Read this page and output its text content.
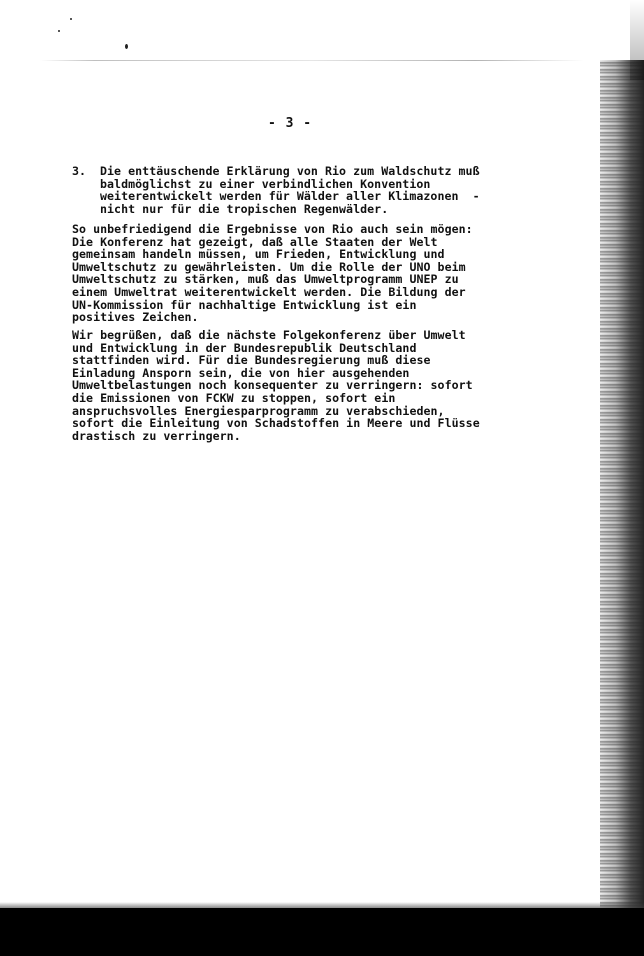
- 3 -
3. Die enttäuschende Erklärung von Rio zum Waldschutz muß
baldmöglichst zu einer verbindlichen Konvention
weiterentwickelt werden für Wälder aller Klimazonen  -
nicht nur für die tropischen Regenwälder.
So unbefriedigend die Ergebnisse von Rio auch sein mögen:
Die Konferenz hat gezeigt, daß alle Staaten der Welt
gemeinsam handeln müssen, um Frieden, Entwicklung und
Umweltschutz zu gewährleisten. Um die Rolle der UNO beim
Umweltschutz zu stärken, muß das Umweltprogramm UNEP zu
einem Umweltrat weiterentwickelt werden. Die Bildung der
UN-Kommission für nachhaltige Entwicklung ist ein
positives Zeichen.
Wir begrüßen, daß die nächste Folgekonferenz über Umwelt
und Entwicklung in der Bundesrepublik Deutschland
stattfinden wird. Für die Bundesregierung muß diese
Einladung Ansporn sein, die von hier ausgehenden
Umweltbelastungen noch konsequenter zu verringern: sofort
die Emissionen von FCKW zu stoppen, sofort ein
anspruchsvolles Energiesparprogramm zu verabschieden,
sofort die Einleitung von Schadstoffen in Meere und Flüsse
drastisch zu verringern.
